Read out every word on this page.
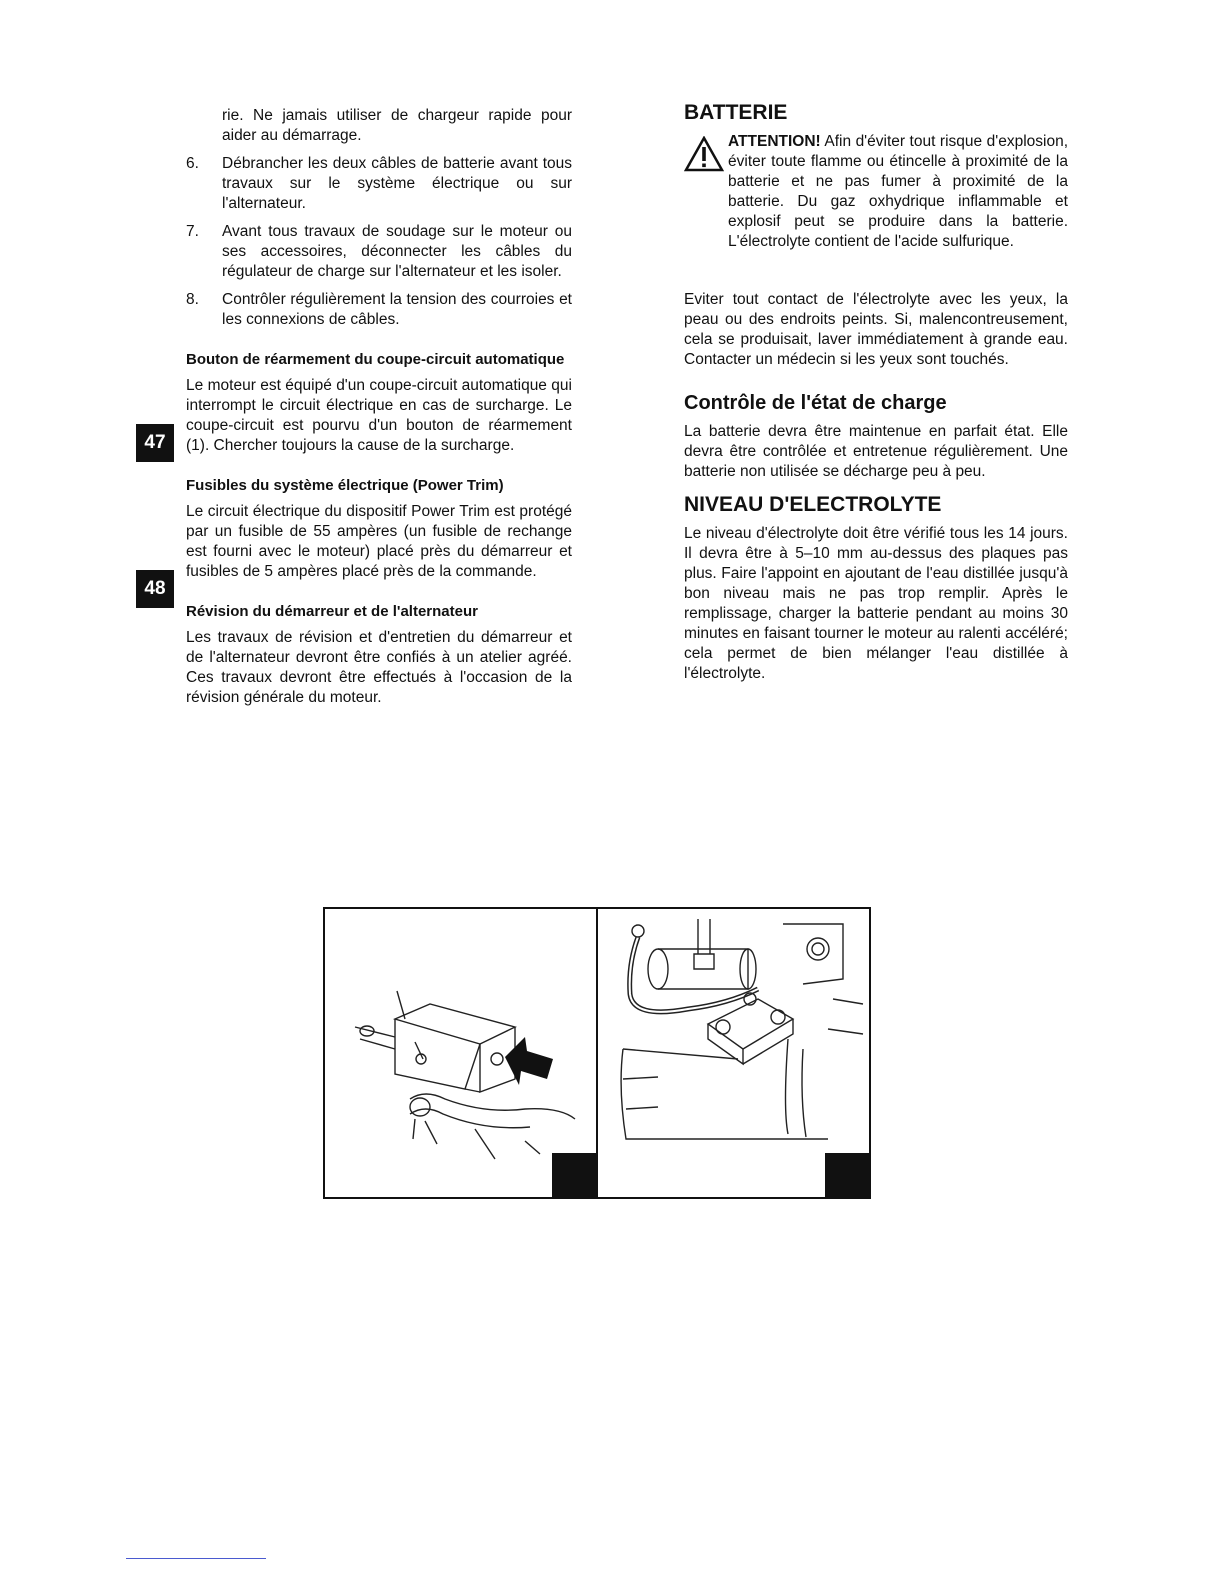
rie. Ne jamais utiliser de chargeur rapide pour aider au démarrage.

6.	Débrancher les deux câbles de batterie avant tous travaux sur le système électrique ou sur l'alternateur.
7.	Avant tous travaux de soudage sur le moteur ou ses accessoires, déconnecter les câbles du régulateur de charge sur l'alternateur et les isoler.
8.	Contrôler régulièrement la tension des courroies et les connexions de câbles.
Bouton de réarmement du coupe-circuit automatique

Le moteur est équipé d'un coupe-circuit automatique qui interrompt le circuit électrique en cas de surcharge. Le coupe-circuit est pourvu d'un bouton de réarmement (1). Chercher toujours la cause de la surcharge.

Fusibles du système électrique (Power Trim)

Le circuit électrique du dispositif Power Trim est protégé par un fusible de 55 ampères (un fusible de rechange est fourni avec le moteur) placé près du démarreur et fusibles de 5 ampères placé près de la commande.

Révision du démarreur et de l'alternateur

Les travaux de révision et d'entretien du démarreur et de l'alternateur devront être confiés à un atelier agréé. Ces travaux devront être effectués à l'occasion de la révision générale du moteur.

47
48
BATTERIE
ATTENTION! Afin d'éviter tout risque d'explosion, éviter toute flamme ou étincelle à proximité de la batterie et ne pas fumer à proximité de la batterie. Du gaz oxhydrique inflammable et explosif peut se produire dans la batterie. L'électrolyte contient de l'acide sulfurique.

Eviter tout contact de l'électrolyte avec les yeux, la peau ou des endroits peints. Si, malencontreusement, cela se produisait, laver immédiatement à grande eau. Contacter un médecin si les yeux sont touchés.

Contrôle de l'état de charge

La batterie devra être maintenue en parfait état. Elle devra être contrôlée et entretenue régulièrement. Une batterie non utilisée se décharge peu à peu.

NIVEAU D'ELECTROLYTE

Le niveau d'électrolyte doit être vérifié tous les 14 jours. Il devra être à 5–10 mm au-dessus des plaques pas plus. Faire l'appoint en ajoutant de l'eau distillée jusqu'à bon niveau mais ne pas trop remplir. Après le remplissage, charger la batterie pendant au moins 30 minutes en faisant tourner le moteur au ralenti accéléré; cela permet de bien mélanger l'eau distillée à l'électrolyte.
